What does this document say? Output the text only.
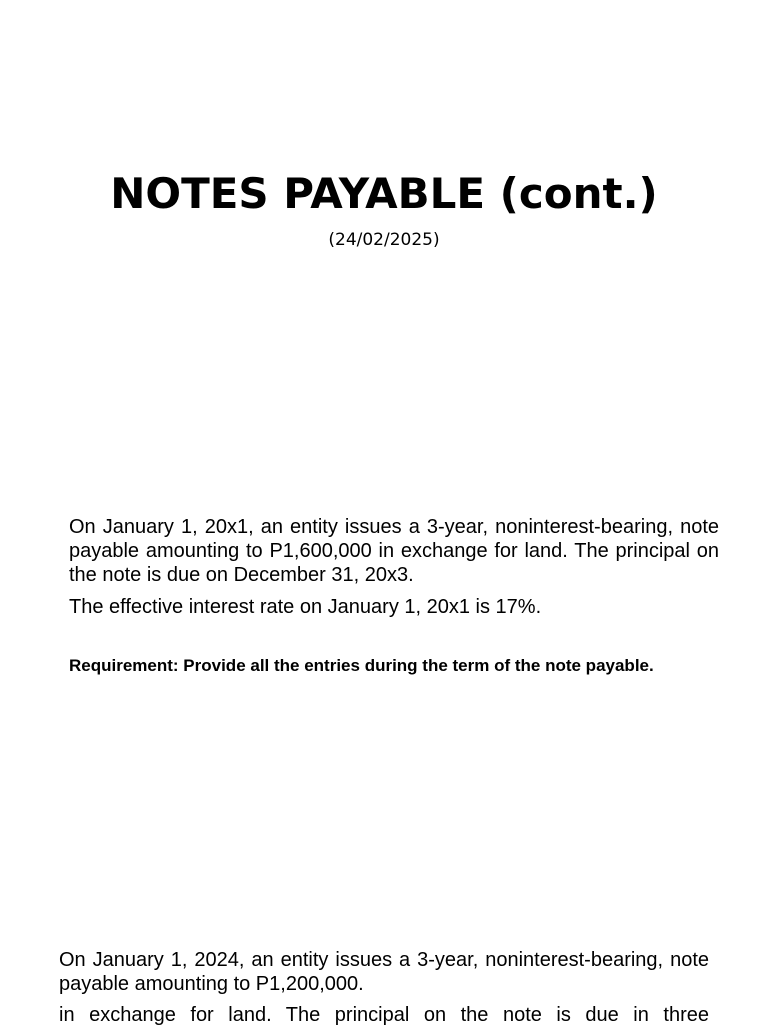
NOTES PAYABLE (cont.)
(24/02/2025)

On January 1, 20x1, an entity issues a 3-year, noninterest-bearing, note payable amounting to P1,600,000 in exchange for land. The principal on the note is due on December 31, 20x3.

The effective interest rate on January 1, 20x1 is 17%.

Requirement: Provide all the entries during the term of the note payable.

On January 1, 2024, an entity issues a 3-year, noninterest-bearing, note payable amounting to P1,200,000.

in exchange for land. The principal on the note is due in three
